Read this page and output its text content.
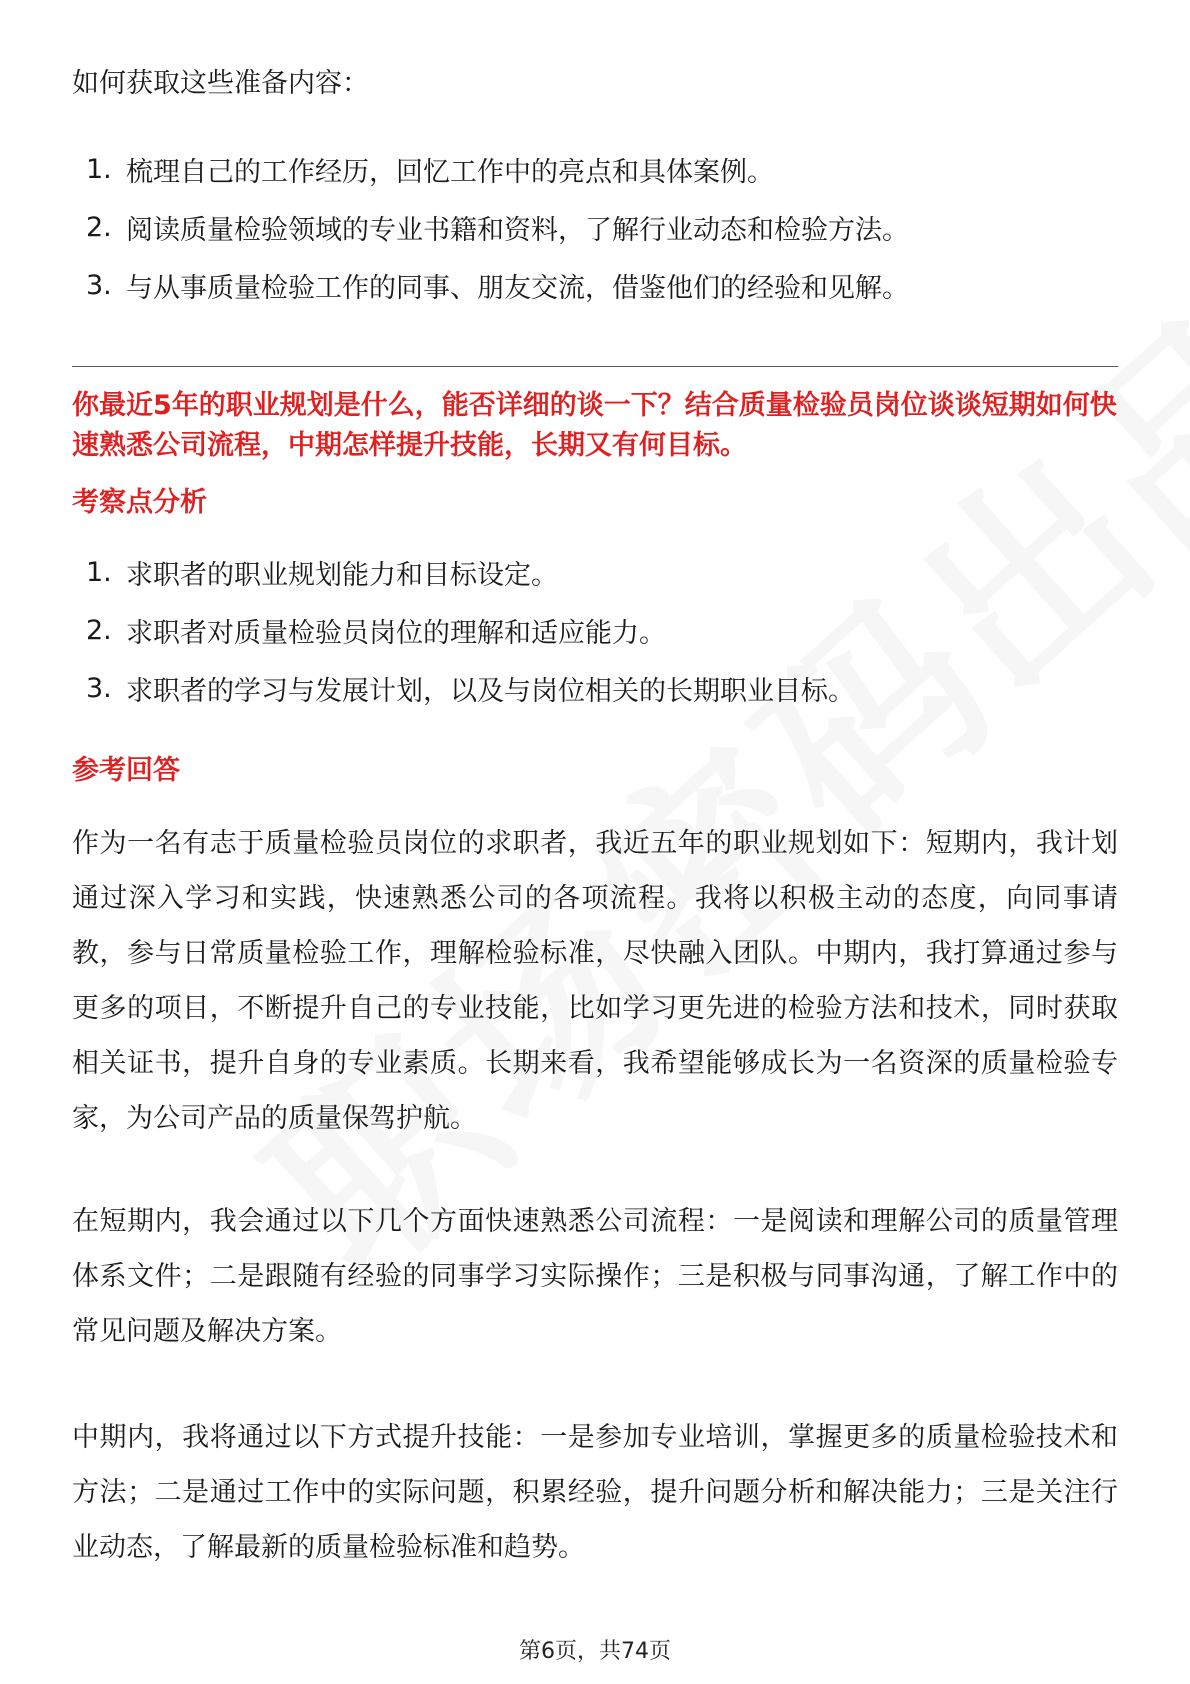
如何获取这些准备内容：

1. 梳理自己的工作经历，回忆工作中的亮点和具体案例。
2. 阅读质量检验领域的专业书籍和资料，了解行业动态和检验方法。
3. 与从事质量检验工作的同事、朋友交流，借鉴他们的经验和见解。

你最近5年的职业规划是什么，能否详细的谈一下？结合质量检验员岗位谈谈短期如何快速熟悉公司流程，中期怎样提升技能，长期又有何目标。

考察点分析
1. 求职者的职业规划能力和目标设定。
2. 求职者对质量检验员岗位的理解和适应能力。
3. 求职者的学习与发展计划，以及与岗位相关的长期职业目标。
参考回答

作为一名有志于质量检验员岗位的求职者，我近五年的职业规划如下：短期内，我计划通过深入学习和实践，快速熟悉公司的各项流程。我将以积极主动的态度，向同事请教，参与日常质量检验工作，理解检验标准，尽快融入团队。中期内，我打算通过参与更多的项目，不断提升自己的专业技能，比如学习更先进的检验方法和技术，同时获取相关证书，提升自身的专业素质。长期来看，我希望能够成长为一名资深的质量检验专家，为公司产品的质量保驾护航。

在短期内，我会通过以下几个方面快速熟悉公司流程：一是阅读和理解公司的质量管理体系文件；二是跟随有经验的同事学习实际操作；三是积极与同事沟通，了解工作中的常见问题及解决方案。

中期内，我将通过以下方式提升技能：一是参加专业培训，掌握更多的质量检验技术和方法；二是通过工作中的实际问题，积累经验，提升问题分析和解决能力；三是关注行业动态，了解最新的质量检验标准和趋势。

第6页，共74页
